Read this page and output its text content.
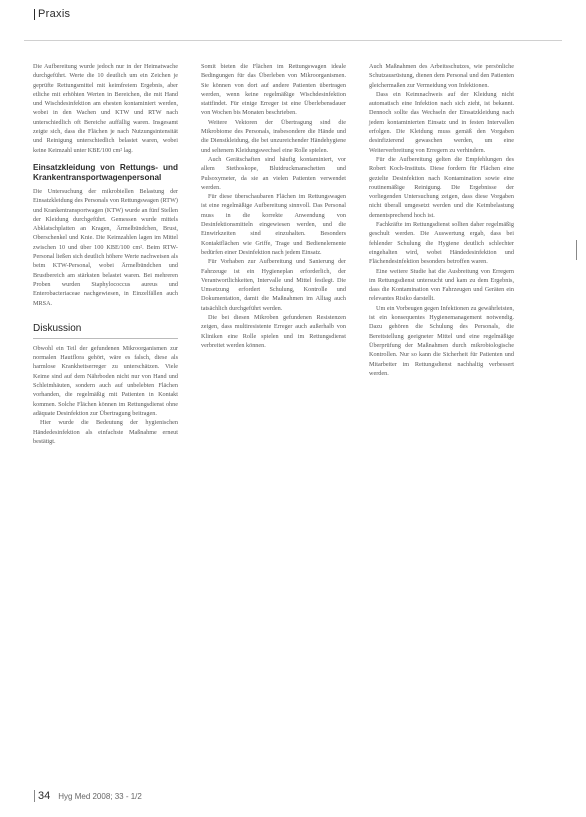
Praxis

Die Aufbereitung wurde jedoch nur in der Heimatwache durchgeführt. Werte die 10 deutlich um ein Zeichen je geprüfte Rettungsmittel mit keimfreiem Ergebnis, aber etliche mit erhöhten Werten in Bereichen, die mit Hand und Wischdesinfektion am ehesten kontaminiert werden, wobei in den Wachen und KTW und RTW nach unterschiedlich oft Bereiche auffällig waren. Insgesamt zeigte sich, dass die Flächen je nach Nutzungsintensität und Reinigung unterschiedlich belastet waren, wobei keine Keimzahl unter KBE/100 cm² lag.

Einsatzkleidung von Rettungs- und Krankentransportwagenpersonal

Die Untersuchung der mikrobiellen Belastung der Einsatzkleidung des Personals von Rettungswagen (RTW) und Krankentransportwagen (KTW) wurde an fünf Stellen der Kleidung durchgeführt. Gemessen wurde mittels Abklatschplatten an Kragen, Ärmelbündchen, Brust, Oberschenkel und Knie. Die Keimzahlen lagen im Mittel zwischen 10 und über 100 KBE/100 cm². Beim RTW-Personal ließen sich deutlich höhere Werte nachweisen als beim KTW-Personal, wobei Ärmelbündchen und Brustbereich am stärksten belastet waren. Bei mehreren Proben wurden Staphylococcus aureus und Enterobacteriaceae nachgewiesen, in Einzelfällen auch MRSA.

Diskussion

Obwohl ein Teil der gefundenen Mikroorganismen zur normalen Hautflora gehört, wäre es falsch, diese als harmlose Krankheitserreger zu unterschätzen. Viele Keime sind auf dem Nährboden nicht nur von Hand und Schleimhäuten, sondern auch auf unbelebten Flächen vorhanden, die regelmäßig mit Patienten in Kontakt kommen. Solche Flächen können im Rettungsdienst ohne adäquate Desinfektion zur Übertragung beitragen.

Hier wurde die Bedeutung der hygienischen Händedesinfektion als einfachste Maßnahme erneut bestätigt.

Somit bieten die Flächen im Rettungswagen ideale Bedingungen für das Überleben von Mikroorganismen. Sie können von dort auf andere Patienten übertragen werden, wenn keine regelmäßige Wischdesinfektion stattfindet. Für einige Erreger ist eine Überlebensdauer von Wochen bis Monaten beschrieben.

Weitere Vektoren der Übertragung sind die Mikrobiome des Personals, insbesondere die Hände und die Dienstkleidung, die bei unzureichender Händehygiene und seltenem Kleidungswechsel eine Rolle spielen.

Auch Gerätschaften sind häufig kontaminiert, vor allem Stethoskope, Blutdruckmanschetten und Pulsoxymeter, da sie an vielen Patienten verwendet werden.

Für diese überschaubaren Flächen im Rettungswagen ist eine regelmäßige Aufbereitung sinnvoll. Das Personal muss in die korrekte Anwendung von Desinfektionsmitteln eingewiesen werden, und die Einwirkzeiten sind einzuhalten. Besonders Kontaktflächen wie Griffe, Trage und Bedienelemente bedürfen einer Desinfektion nach jedem Einsatz.

Für Vorhaben zur Aufbereitung und Sanierung der Fahrzeuge ist ein Hygieneplan erforderlich, der Verantwortlichkeiten, Intervalle und Mittel festlegt. Die Umsetzung erfordert Schulung, Kontrolle und Dokumentation, damit die Maßnahmen im Alltag auch tatsächlich durchgeführt werden.

Die bei diesen Mikroben gefundenen Resistenzen zeigen, dass multiresistente Erreger auch außerhalb von Kliniken eine Rolle spielen und im Rettungsdienst verbreitet werden können.

Auch Maßnahmen des Arbeitsschutzes, wie persönliche Schutzausrüstung, dienen dem Personal und den Patienten gleichermaßen zur Vermeidung von Infektionen.

Dass ein Keimnachweis auf der Kleidung nicht automatisch eine Infektion nach sich zieht, ist bekannt. Dennoch sollte das Wechseln der Einsatzkleidung nach jedem kontaminierten Einsatz und in festen Intervallen erfolgen. Die Kleidung muss gemäß den Vorgaben desinfizierend gewaschen werden, um eine Weiterverbreitung von Erregern zu verhindern.

Für die Aufbereitung gelten die Empfehlungen des Robert Koch-Instituts. Diese fordern für Flächen eine gezielte Desinfektion nach Kontamination sowie eine routinemäßige Reinigung. Die Ergebnisse der vorliegenden Untersuchung zeigen, dass diese Vorgaben nicht überall umgesetzt werden und die Keimbelastung dementsprechend hoch ist.

Fachkräfte im Rettungsdienst sollten daher regelmäßig geschult werden. Die Auswertung ergab, dass bei fehlender Schulung die Hygiene deutlich schlechter eingehalten wird, wobei Händedesinfektion und Flächendesinfektion besonders betroffen waren.

Eine weitere Studie hat die Ausbreitung von Erregern im Rettungsdienst untersucht und kam zu dem Ergebnis, dass die Kontamination von Fahrzeugen und Geräten ein relevantes Risiko darstellt.

Um ein Vorbeugen gegen Infektionen zu gewährleisten, ist ein konsequentes Hygienemanagement notwendig. Dazu gehören die Schulung des Personals, die Bereitstellung geeigneter Mittel und eine regelmäßige Überprüfung der Maßnahmen durch mikrobiologische Kontrollen. Nur so kann die Sicherheit für Patienten und Mitarbeiter im Rettungsdienst nachhaltig verbessert werden.

34 Hyg Med 2008; 33 - 1/2
